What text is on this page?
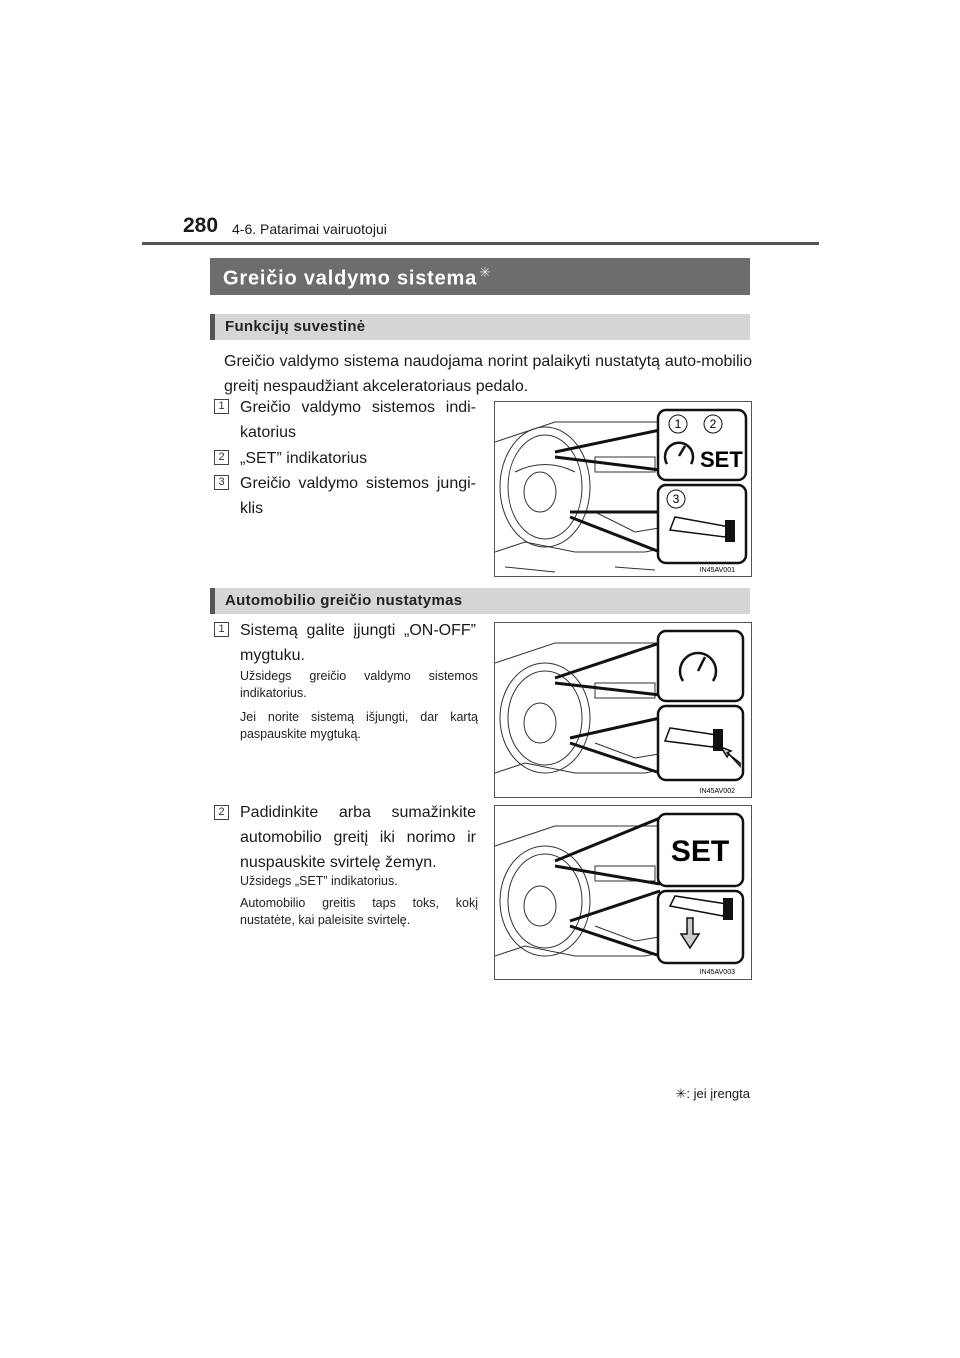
280 4-6. Patarimai vairuotojui
Greičio valdymo sistema ✳
Funkcijų suvestinė
Greičio valdymo sistema naudojama norint palaikyti nustatytą auto-mobilio greitį nespaudžiant akceleratoriaus pedalo.
1 Greičio valdymo sistemos indi-katorius
2 „SET” indikatorius
3 Greičio valdymo sistemos jungi-klis
1 2
3
SET
IN45AV001
Automobilio greičio nustatymas
1 Sistemą galite įjungti „ON-OFF” mygtuku.
Užsidegs greičio valdymo sistemos indikatorius.
Jei norite sistemą išjungti, dar kartą paspauskite mygtuką.
IN45AV002
2 Padidinkite arba sumažinkite automobilio greitį iki norimo ir nuspauskite svirtelę žemyn.
Užsidegs „SET” indikatorius.
Automobilio greitis taps toks, kokį nustatėte, kai paleisite svirtelę.
SET
IN45AV003
✳: jei įrengta
